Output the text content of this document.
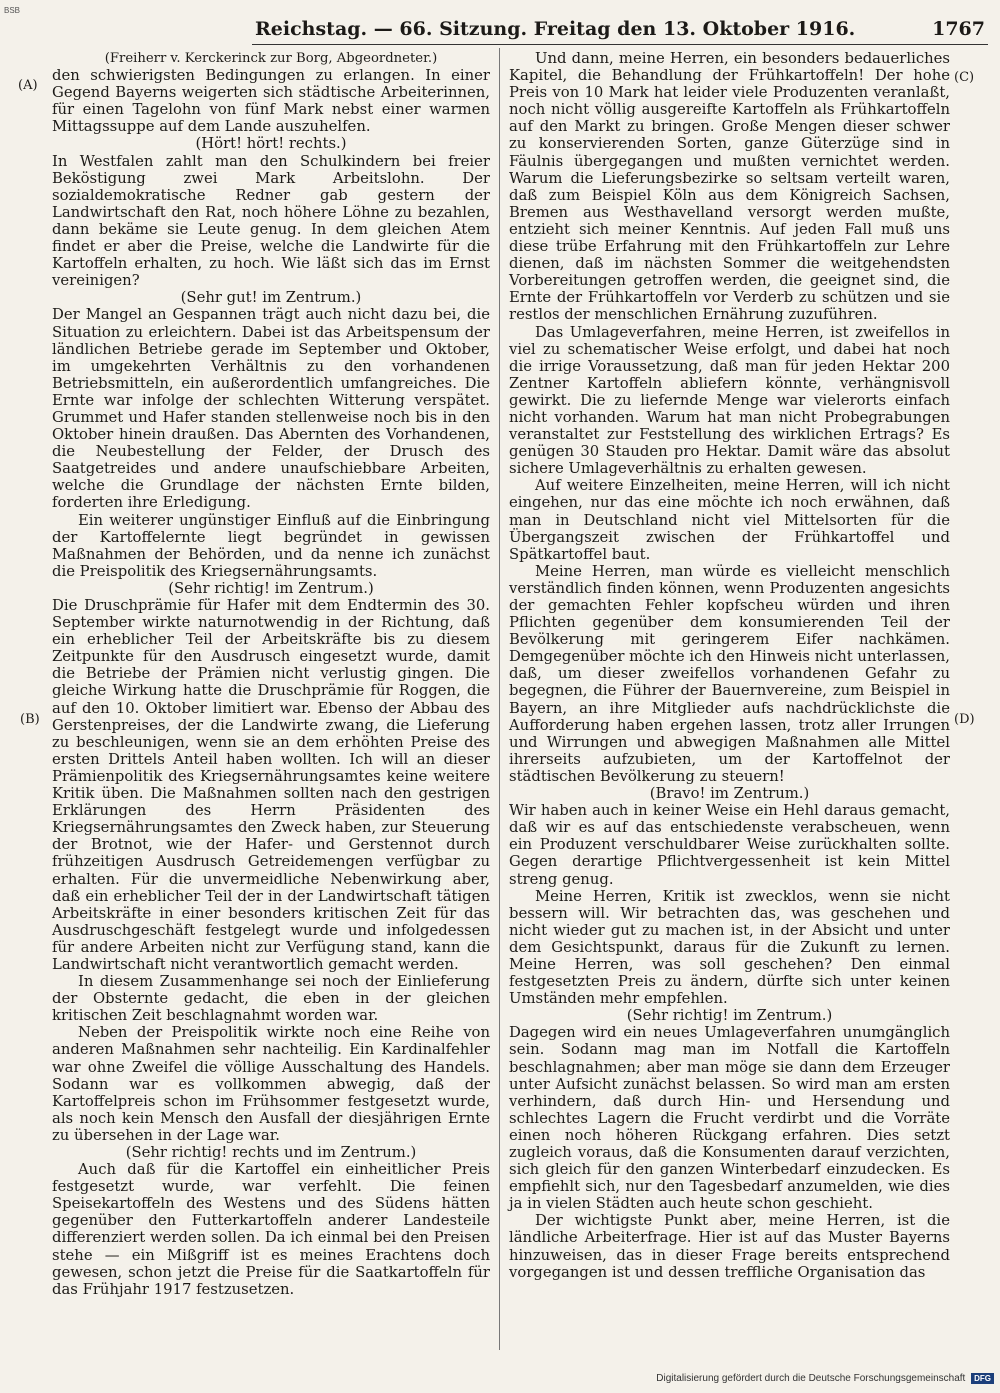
BSB
Reichstag. — 66. Sitzung. Freitag den 13. Oktober 1916.	1767
(A)
(B)
(C)
(D)

(Freiherr v. Kerckerinck zur Borg, Abgeordneter.)

den schwierigsten Bedingungen zu erlangen. In einer Gegend Bayerns weigerten sich städtische Arbeiterinnen, für einen Tagelohn von fünf Mark nebst einer warmen Mittagssuppe auf dem Lande auszuhelfen.

(Hört! hört! rechts.)

In Westfalen zahlt man den Schulkindern bei freier Beköstigung zwei Mark Arbeitslohn. Der sozialdemokratische Redner gab gestern der Landwirtschaft den Rat, noch höhere Löhne zu bezahlen, dann bekäme sie Leute genug. In dem gleichen Atem findet er aber die Preise, welche die Landwirte für die Kartoffeln erhalten, zu hoch. Wie läßt sich das im Ernst vereinigen?

(Sehr gut! im Zentrum.)

Der Mangel an Gespannen trägt auch nicht dazu bei, die Situation zu erleichtern. Dabei ist das Arbeitspensum der ländlichen Betriebe gerade im September und Oktober, im umgekehrten Verhältnis zu den vorhandenen Betriebsmitteln, ein außerordentlich umfangreiches. Die Ernte war infolge der schlechten Witterung verspätet. Grummet und Hafer standen stellenweise noch bis in den Oktober hinein draußen. Das Abernten des Vorhandenen, die Neubestellung der Felder, der Drusch des Saatgetreides und andere unaufschiebbare Arbeiten, welche die Grundlage der nächsten Ernte bilden, forderten ihre Erledigung.

Ein weiterer ungünstiger Einfluß auf die Einbringung der Kartoffelernte liegt begründet in gewissen Maßnahmen der Behörden, und da nenne ich zunächst die Preispolitik des Kriegsernährungsamts.

(Sehr richtig! im Zentrum.)

Die Druschprämie für Hafer mit dem Endtermin des 30. September wirkte naturnotwendig in der Richtung, daß ein erheblicher Teil der Arbeitskräfte bis zu diesem Zeitpunkte für den Ausdrusch eingesetzt wurde, damit die Betriebe der Prämien nicht verlustig gingen. Die gleiche Wirkung hatte die Druschprämie für Roggen, die auf den 10. Oktober limitiert war. Ebenso der Abbau des Gerstenpreises, der die Landwirte zwang, die Lieferung zu beschleunigen, wenn sie an dem erhöhten Preise des ersten Drittels Anteil haben wollten. Ich will an dieser Prämienpolitik des Kriegsernährungsamtes keine weitere Kritik üben. Die Maßnahmen sollten nach den gestrigen Erklärungen des Herrn Präsidenten des Kriegsernährungsamtes den Zweck haben, zur Steuerung der Brotnot, wie der Hafer- und Gerstennot durch frühzeitigen Ausdrusch Getreidemengen verfügbar zu erhalten. Für die unvermeidliche Nebenwirkung aber, daß ein erheblicher Teil der in der Landwirtschaft tätigen Arbeitskräfte in einer besonders kritischen Zeit für das Ausdruschgeschäft festgelegt wurde und infolgedessen für andere Arbeiten nicht zur Verfügung stand, kann die Landwirtschaft nicht verantwortlich gemacht werden.

In diesem Zusammenhange sei noch der Einlieferung der Obsternte gedacht, die eben in der gleichen kritischen Zeit beschlagnahmt worden war.

Neben der Preispolitik wirkte noch eine Reihe von anderen Maßnahmen sehr nachteilig. Ein Kardinalfehler war ohne Zweifel die völlige Ausschaltung des Handels. Sodann war es vollkommen abwegig, daß der Kartoffelpreis schon im Frühsommer festgesetzt wurde, als noch kein Mensch den Ausfall der diesjährigen Ernte zu übersehen in der Lage war.

(Sehr richtig! rechts und im Zentrum.)

Auch daß für die Kartoffel ein einheitlicher Preis festgesetzt wurde, war verfehlt. Die feinen Speisekartoffeln des Westens und des Südens hätten gegenüber den Futterkartoffeln anderer Landesteile differenziert werden sollen. Da ich einmal bei den Preisen stehe — ein Mißgriff ist es meines Erachtens doch gewesen, schon jetzt die Preise für die Saatkartoffeln für das Frühjahr 1917 festzusetzen.

Und dann, meine Herren, ein besonders bedauerliches Kapitel, die Behandlung der Frühkartoffeln! Der hohe Preis von 10 Mark hat leider viele Produzenten veranlaßt, noch nicht völlig ausgereifte Kartoffeln als Frühkartoffeln auf den Markt zu bringen. Große Mengen dieser schwer zu konservierenden Sorten, ganze Güterzüge sind in Fäulnis übergegangen und mußten vernichtet werden. Warum die Lieferungsbezirke so seltsam verteilt waren, daß zum Beispiel Köln aus dem Königreich Sachsen, Bremen aus Westhavelland versorgt werden mußte, entzieht sich meiner Kenntnis. Auf jeden Fall muß uns diese trübe Erfahrung mit den Frühkartoffeln zur Lehre dienen, daß im nächsten Sommer die weitgehendsten Vorbereitungen getroffen werden, die geeignet sind, die Ernte der Frühkartoffeln vor Verderb zu schützen und sie restlos der menschlichen Ernährung zuzuführen.

Das Umlageverfahren, meine Herren, ist zweifellos in viel zu schematischer Weise erfolgt, und dabei hat noch die irrige Voraussetzung, daß man für jeden Hektar 200 Zentner Kartoffeln abliefern könnte, verhängnisvoll gewirkt. Die zu liefernde Menge war vielerorts einfach nicht vorhanden. Warum hat man nicht Probegrabungen veranstaltet zur Feststellung des wirklichen Ertrags? Es genügen 30 Stauden pro Hektar. Damit wäre das absolut sichere Umlageverhältnis zu erhalten gewesen.

Auf weitere Einzelheiten, meine Herren, will ich nicht eingehen, nur das eine möchte ich noch erwähnen, daß man in Deutschland nicht viel Mittelsorten für die Übergangszeit zwischen der Frühkartoffel und Spätkartoffel baut.

Meine Herren, man würde es vielleicht menschlich verständlich finden können, wenn Produzenten angesichts der gemachten Fehler kopfscheu würden und ihren Pflichten gegenüber dem konsumierenden Teil der Bevölkerung mit geringerem Eifer nachkämen. Demgegenüber möchte ich den Hinweis nicht unterlassen, daß, um dieser zweifellos vorhandenen Gefahr zu begegnen, die Führer der Bauernvereine, zum Beispiel in Bayern, an ihre Mitglieder aufs nachdrücklichste die Aufforderung haben ergehen lassen, trotz aller Irrungen und Wirrungen und abwegigen Maßnahmen alle Mittel ihrerseits aufzubieten, um der Kartoffelnot der städtischen Bevölkerung zu steuern!

(Bravo! im Zentrum.)

Wir haben auch in keiner Weise ein Hehl daraus gemacht, daß wir es auf das entschiedenste verabscheuen, wenn ein Produzent verschuldbarer Weise zurückhalten sollte. Gegen derartige Pflichtvergessenheit ist kein Mittel streng genug.

Meine Herren, Kritik ist zwecklos, wenn sie nicht bessern will. Wir betrachten das, was geschehen und nicht wieder gut zu machen ist, in der Absicht und unter dem Gesichtspunkt, daraus für die Zukunft zu lernen. Meine Herren, was soll geschehen? Den einmal festgesetzten Preis zu ändern, dürfte sich unter keinen Umständen mehr empfehlen.

(Sehr richtig! im Zentrum.)

Dagegen wird ein neues Umlageverfahren unumgänglich sein. Sodann mag man im Notfall die Kartoffeln beschlagnahmen; aber man möge sie dann dem Erzeuger unter Aufsicht zunächst belassen. So wird man am ersten verhindern, daß durch Hin- und Hersendung und schlechtes Lagern die Frucht verdirbt und die Vorräte einen noch höheren Rückgang erfahren. Dies setzt zugleich voraus, daß die Konsumenten darauf verzichten, sich gleich für den ganzen Winterbedarf einzudecken. Es empfiehlt sich, nur den Tagesbedarf anzumelden, wie dies ja in vielen Städten auch heute schon geschieht.

Der wichtigste Punkt aber, meine Herren, ist die ländliche Arbeiterfrage. Hier ist auf das Muster Bayerns hinzuweisen, das in dieser Frage bereits entsprechend vorgegangen ist und dessen treffliche Organisation das

Digitalisierung gefördert durch die Deutsche Forschungsgemeinschaft DFG
